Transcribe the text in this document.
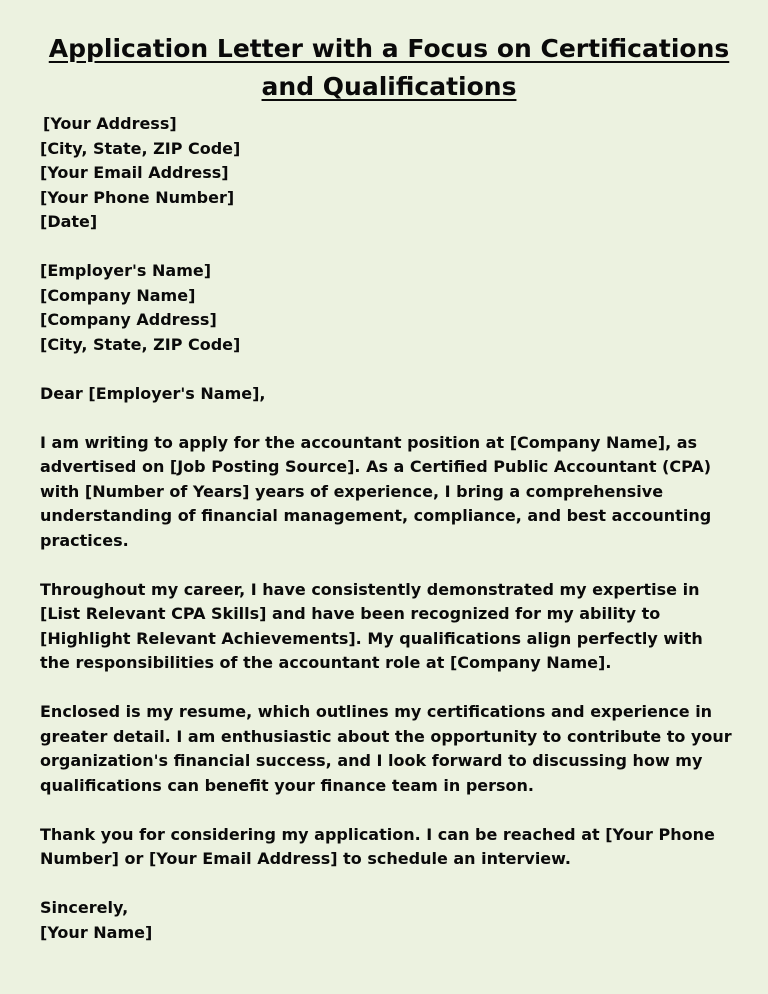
Application Letter with a Focus on Certifications
and Qualifications
[Your Address]
[City, State, ZIP Code]
[Your Email Address]
[Your Phone Number]
[Date]
[Employer's Name]
[Company Name]
[Company Address]
[City, State, ZIP Code]

Dear [Employer's Name],

I am writing to apply for the accountant position at [Company Name], as advertised on [Job Posting Source]. As a Certified Public Accountant (CPA) with [Number of Years] years of experience, I bring a comprehensive understanding of financial management, compliance, and best accounting practices.

Throughout my career, I have consistently demonstrated my expertise in [List Relevant CPA Skills] and have been recognized for my ability to [Highlight Relevant Achievements]. My qualifications align perfectly with the responsibilities of the accountant role at [Company Name].

Enclosed is my resume, which outlines my certifications and experience in greater detail. I am enthusiastic about the opportunity to contribute to your organization's financial success, and I look forward to discussing how my qualifications can benefit your finance team in person.

Thank you for considering my application. I can be reached at [Your Phone Number] or [Your Email Address] to schedule an interview.

Sincerely,
[Your Name]
